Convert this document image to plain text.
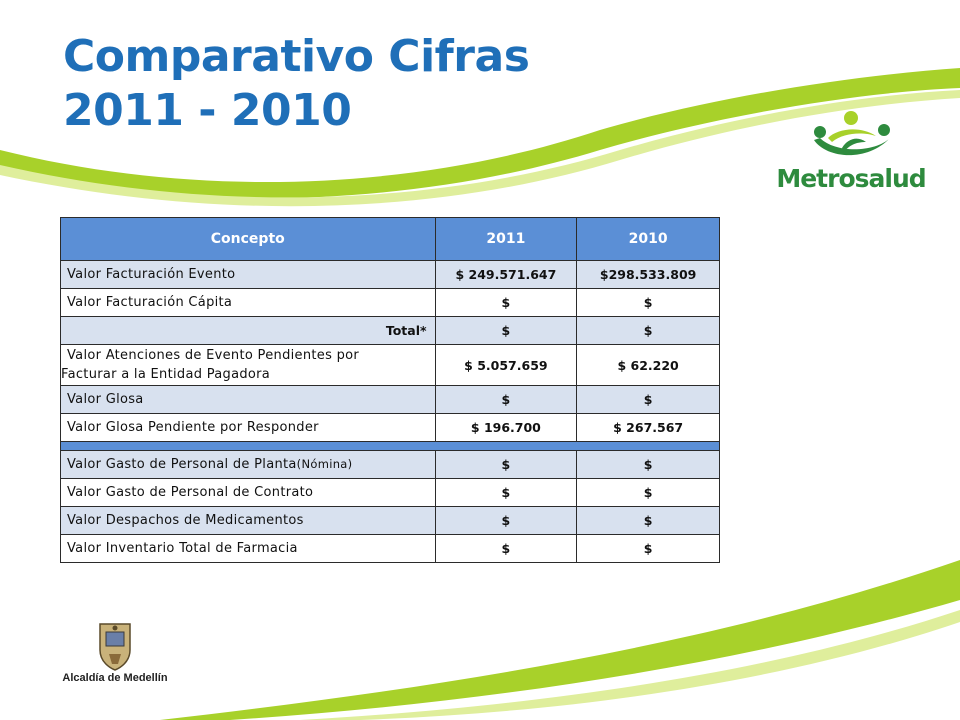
Comparativo Cifras
2011 - 2010
Metrosalud
Concepto	2011	2010
Valor Facturación Evento	$ 249.571.647	$298.533.809
Valor Facturación Cápita	$	$
Total*	$	$

Valor Atenciones de Evento Pendientes por
Facturar a la Entidad Pagadora	$ 5.057.659	$ 62.220
Valor Glosa	$	$
Valor Glosa Pendiente por Responder	$ 196.700	$ 267.567

Valor Gasto de Personal de Planta(Nómina)	$	$
Valor Gasto de Personal de Contrato	$	$
Valor Despachos de Medicamentos	$	$
Valor Inventario Total de Farmacia	$	$
Alcaldía de Medellín
